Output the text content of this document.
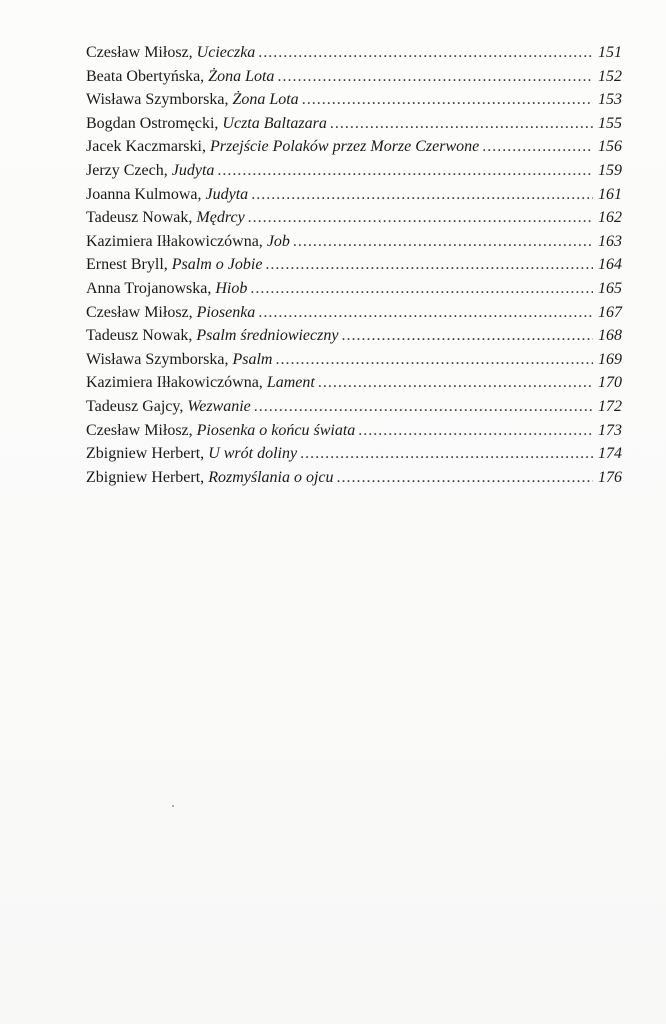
Czesław Miłosz, Ucieczka .....	151
Beata Obertyńska, Żona Lota .....	152
Wisława Szymborska, Żona Lota .....	153
Bogdan Ostromęcki, Uczta Baltazara .....	155
Jacek Kaczmarski, Przejście Polaków przez Morze Czerwone .....	156
Jerzy Czech, Judyta .....	159
Joanna Kulmowa, Judyta .....	161
Tadeusz Nowak, Mędrcy .....	162
Kazimiera Iłłakowiczówna, Job .....	163
Ernest Bryll, Psalm o Jobie .....	164
Anna Trojanowska, Hiob .....	165
Czesław Miłosz, Piosenka .....	167
Tadeusz Nowak, Psalm średniowieczny .....	168
Wisława Szymborska, Psalm .....	169
Kazimiera Iłłakowiczówna, Lament .....	170
Tadeusz Gajcy, Wezwanie .....	172
Czesław Miłosz, Piosenka o końcu świata .....	173
Zbigniew Herbert, U wrót doliny .....	174
Zbigniew Herbert, Rozmyślania o ojcu .....	176
